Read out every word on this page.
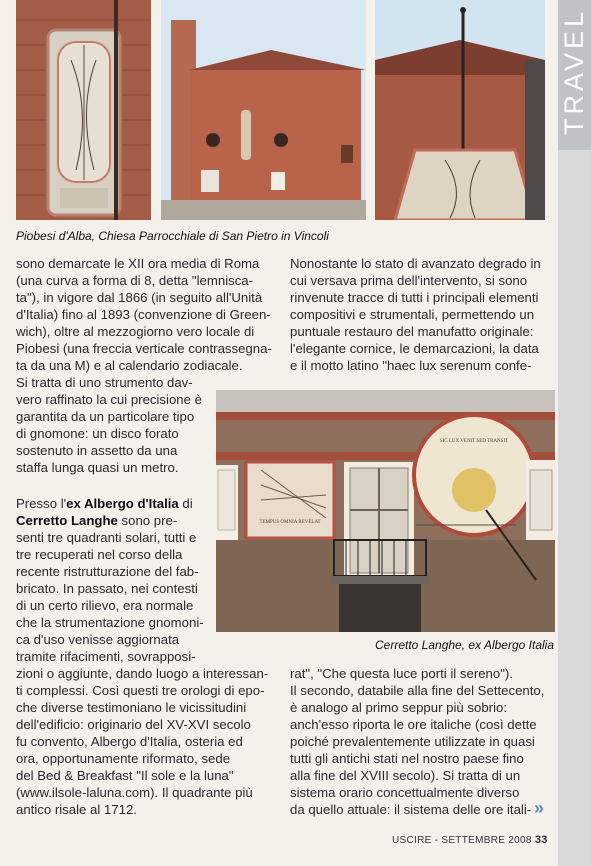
TRAVEL
Piobesi d'Alba, Chiesa Parrocchiale di San Pietro in Vincoli

sono demarcate le XII ora media di Roma

(una curva a forma di 8, detta "lemnisca-

ta"), in vigore dal 1866 (in seguito all'Unità

d'Italia) fino al 1893 (convenzione di Green-

wich), oltre al mezzogiorno vero locale di

Piobesi (una freccia verticale contrassegna-

ta da una M) e al calendario zodiacale.

Si tratta di uno strumento dav-

vero raffinato la cui precisione è

garantita da un particolare tipo

di gnomone: un disco forato

sostenuto in assetto da una

staffa lunga quasi un metro.

Nonostante lo stato di avanzato degrado in

cui versava prima dell'intervento, si sono

rinvenute tracce di tutti i principali elementi

compositivi e strumentali, permettendo un

puntuale restauro del manufatto originale:

l'elegante cornice, le demarcazioni, la data

e il motto latino "haec lux serenum confe-

TEMPUS OMNIA REVELAT
SIC LUX VENIT SED TRANSIT
Cerretto Langhe, ex Albergo Italia

Presso l'ex Albergo d'Italia di

Cerretto Langhe sono pre-

senti tre quadranti solari, tutti e

tre recuperati nel corso della

recente ristrutturazione del fab-

bricato. In passato, nei contesti

di un certo rilievo, era normale

che la strumentazione gnomoni-

ca d'uso venisse aggiornata

tramite rifacimenti, sovrapposi-

zioni o aggiunte, dando luogo a interessan-

ti complessi. Così questi tre orologi di epo-

che diverse testimoniano le vicissitudini

dell'edificio: originario del XV-XVI secolo

fu convento, Albergo d'Italia, osteria ed

ora, opportunamente riformato, sede

del Bed & Breakfast "Il sole e la luna"

(www.ilsole-laluna.com). Il quadrante più

antico risale al 1712.

rat", "Che questa luce porti il sereno").

Il secondo, databile alla fine del Settecento,

è analogo al primo seppur più sobrio:

anch'esso riporta le ore italiche (così dette

poiché prevalentemente utilizzate in quasi

tutti gli antichi stati nel nostro paese fino

alla fine del XVIII secolo). Si tratta di un

sistema orario concettualmente diverso

da quello attuale: il sistema delle ore itali- »
USCIRE - SETTEMBRE 2008 33
